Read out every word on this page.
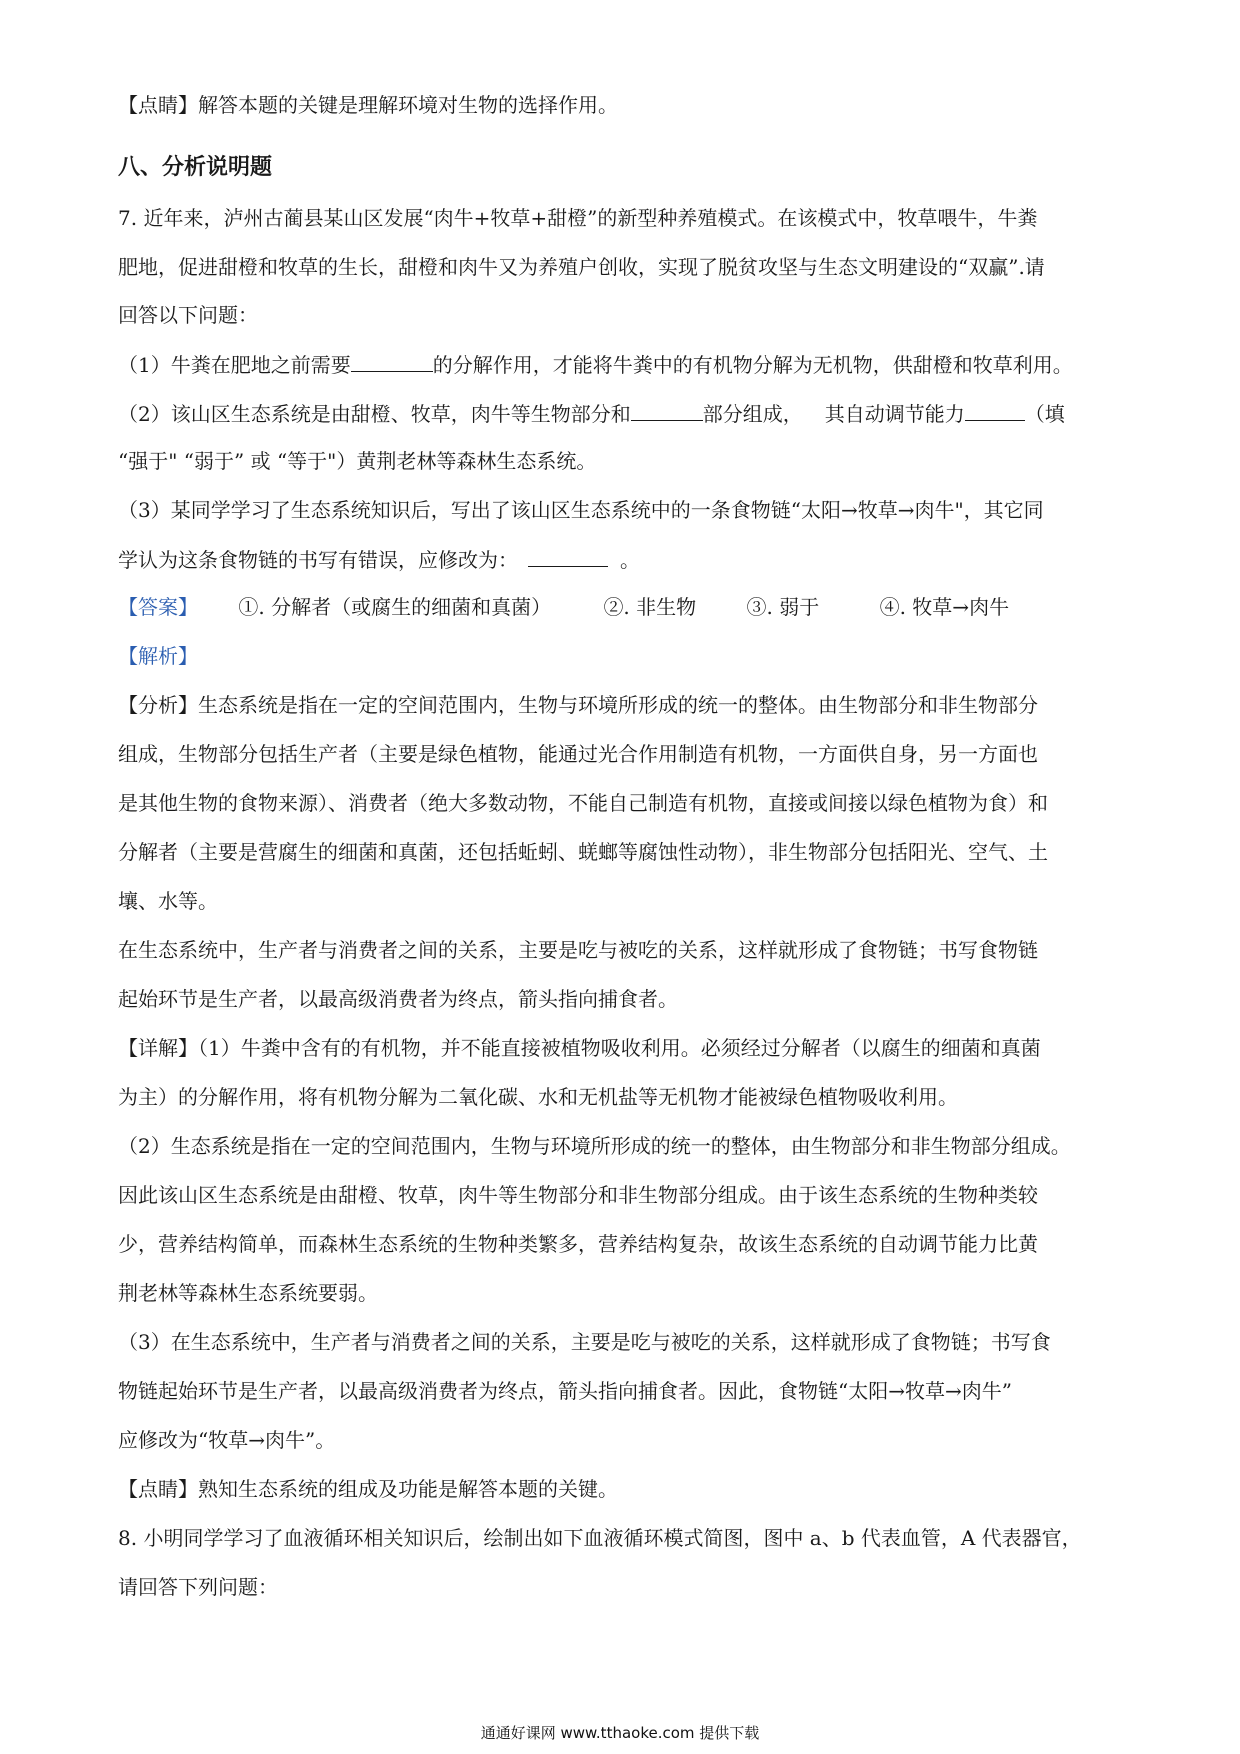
【点睛】解答本题的关键是理解环境对生物的选择作用。
八、分析说明题
7. 近年来，泸州古蔺县某山区发展“肉牛+牧草+甜橙”的新型种养殖模式。在该模式中，牧草喂牛，牛粪
肥地，促进甜橙和牧草的生长，甜橙和肉牛又为养殖户创收，实现了脱贫攻坚与生态文明建设的“双赢”.请
回答以下问题：
（1）牛粪在肥地之前需要	的分解作用，才能将牛粪中的有机物分解为无机物，供甜橙和牧草利用。
（2）该山区生态系统是由甜橙、牧草，肉牛等生物部分和	部分组成， 其自动调节能力	（填
“强于" “弱于” 或 “等于"）黄荆老林等森林生态系统。
（3）某同学学习了生态系统知识后，写出了该山区生态系统中的一条食物链“太阳→牧草→肉牛"，其它同
学认为这条食物链的书写有错误，应修改为：	。
【答案】 ①. 分解者（或腐生的细菌和真菌）	②. 非生物	③. 弱于	④. 牧草→肉牛
【解析】
【分析】生态系统是指在一定的空间范围内，生物与环境所形成的统一的整体。由生物部分和非生物部分
组成，生物部分包括生产者（主要是绿色植物，能通过光合作用制造有机物，一方面供自身，另一方面也
是其他生物的食物来源）、消费者（绝大多数动物，不能自己制造有机物，直接或间接以绿色植物为食）和
分解者（主要是营腐生的细菌和真菌，还包括蚯蚓、蜣螂等腐蚀性动物），非生物部分包括阳光、空气、土
壤、水等。
在生态系统中，生产者与消费者之间的关系，主要是吃与被吃的关系，这样就形成了食物链；书写食物链
起始环节是生产者，以最高级消费者为终点，箭头指向捕食者。
【详解】（1）牛粪中含有的有机物，并不能直接被植物吸收利用。必须经过分解者（以腐生的细菌和真菌
为主）的分解作用，将有机物分解为二氧化碳、水和无机盐等无机物才能被绿色植物吸收利用。
（2）生态系统是指在一定的空间范围内，生物与环境所形成的统一的整体，由生物部分和非生物部分组成。
因此该山区生态系统是由甜橙、牧草，肉牛等生物部分和非生物部分组成。由于该生态系统的生物种类较
少，营养结构简单，而森林生态系统的生物种类繁多，营养结构复杂，故该生态系统的自动调节能力比黄
荆老林等森林生态系统要弱。
（3）在生态系统中，生产者与消费者之间的关系，主要是吃与被吃的关系，这样就形成了食物链；书写食
物链起始环节是生产者，以最高级消费者为终点，箭头指向捕食者。因此，食物链“太阳→牧草→肉牛”
应修改为“牧草→肉牛”。
【点睛】熟知生态系统的组成及功能是解答本题的关键。
8. 小明同学学习了血液循环相关知识后，绘制出如下血液循环模式简图，图中 a、b 代表血管，A 代表器官，
请回答下列问题：
通通好课网 www.tthaoke.com 提供下载
